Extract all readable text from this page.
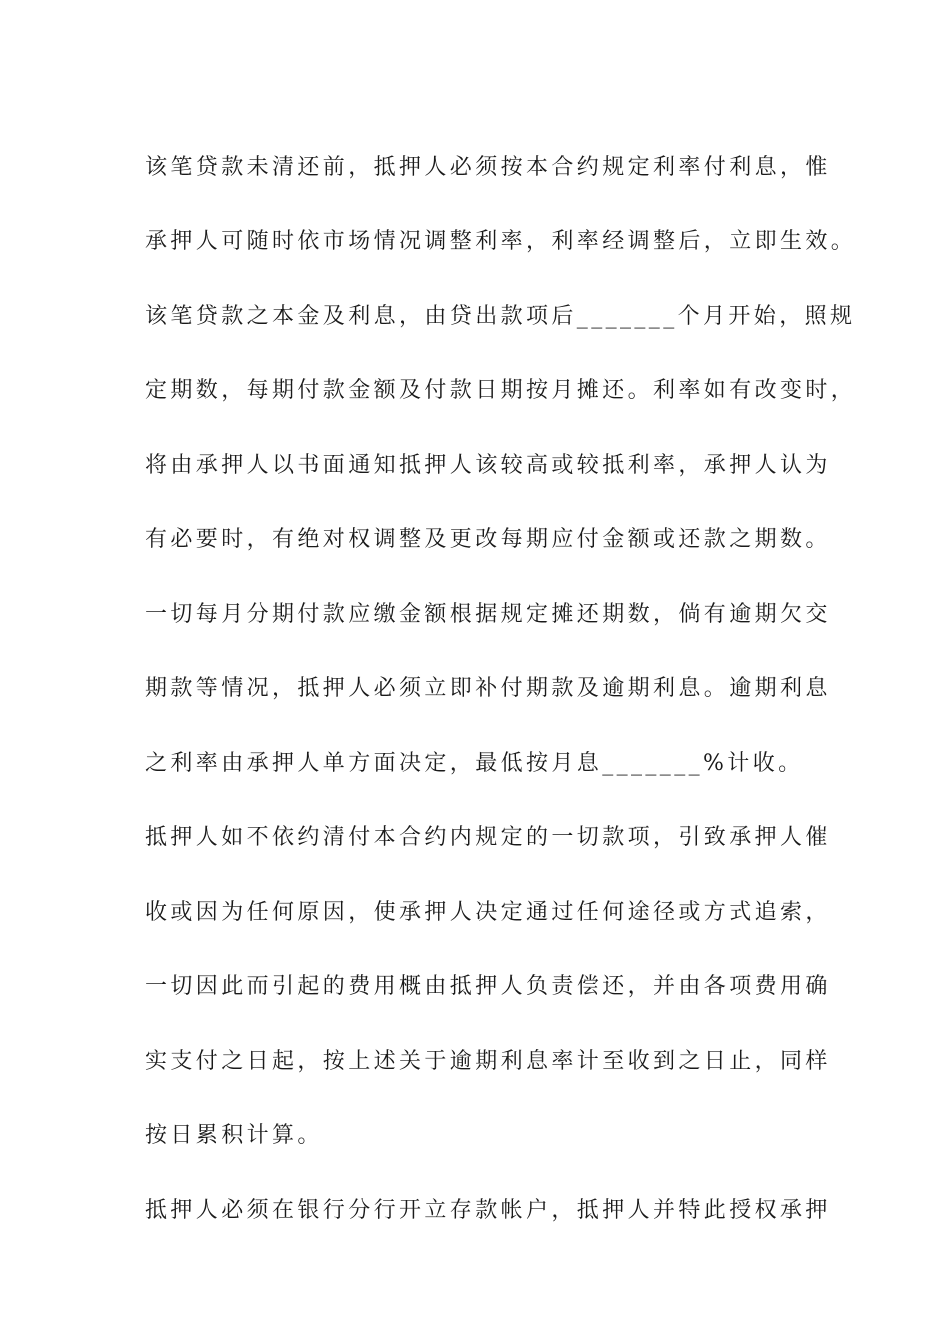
该笔贷款未清还前，抵押人必须按本合约规定利率付利息，惟
承押人可随时依市场情况调整利率，利率经调整后，立即生效。
该笔贷款之本金及利息，由贷出款项后_______个月开始，照规
定期数，每期付款金额及付款日期按月摊还。利率如有改变时，
将由承押人以书面通知抵押人该较高或较抵利率，承押人认为
有必要时，有绝对权调整及更改每期应付金额或还款之期数。
一切每月分期付款应缴金额根据规定摊还期数，倘有逾期欠交
期款等情况，抵押人必须立即补付期款及逾期利息。逾期利息
之利率由承押人单方面决定，最低按月息_______%计收。
抵押人如不依约清付本合约内规定的一切款项，引致承押人催
收或因为任何原因，使承押人决定通过任何途径或方式追索，
一切因此而引起的费用概由抵押人负责偿还，并由各项费用确
实支付之日起，按上述关于逾期利息率计至收到之日止，同样
按日累积计算。
抵押人必须在银行分行开立存款帐户，抵押人并特此授权承押
